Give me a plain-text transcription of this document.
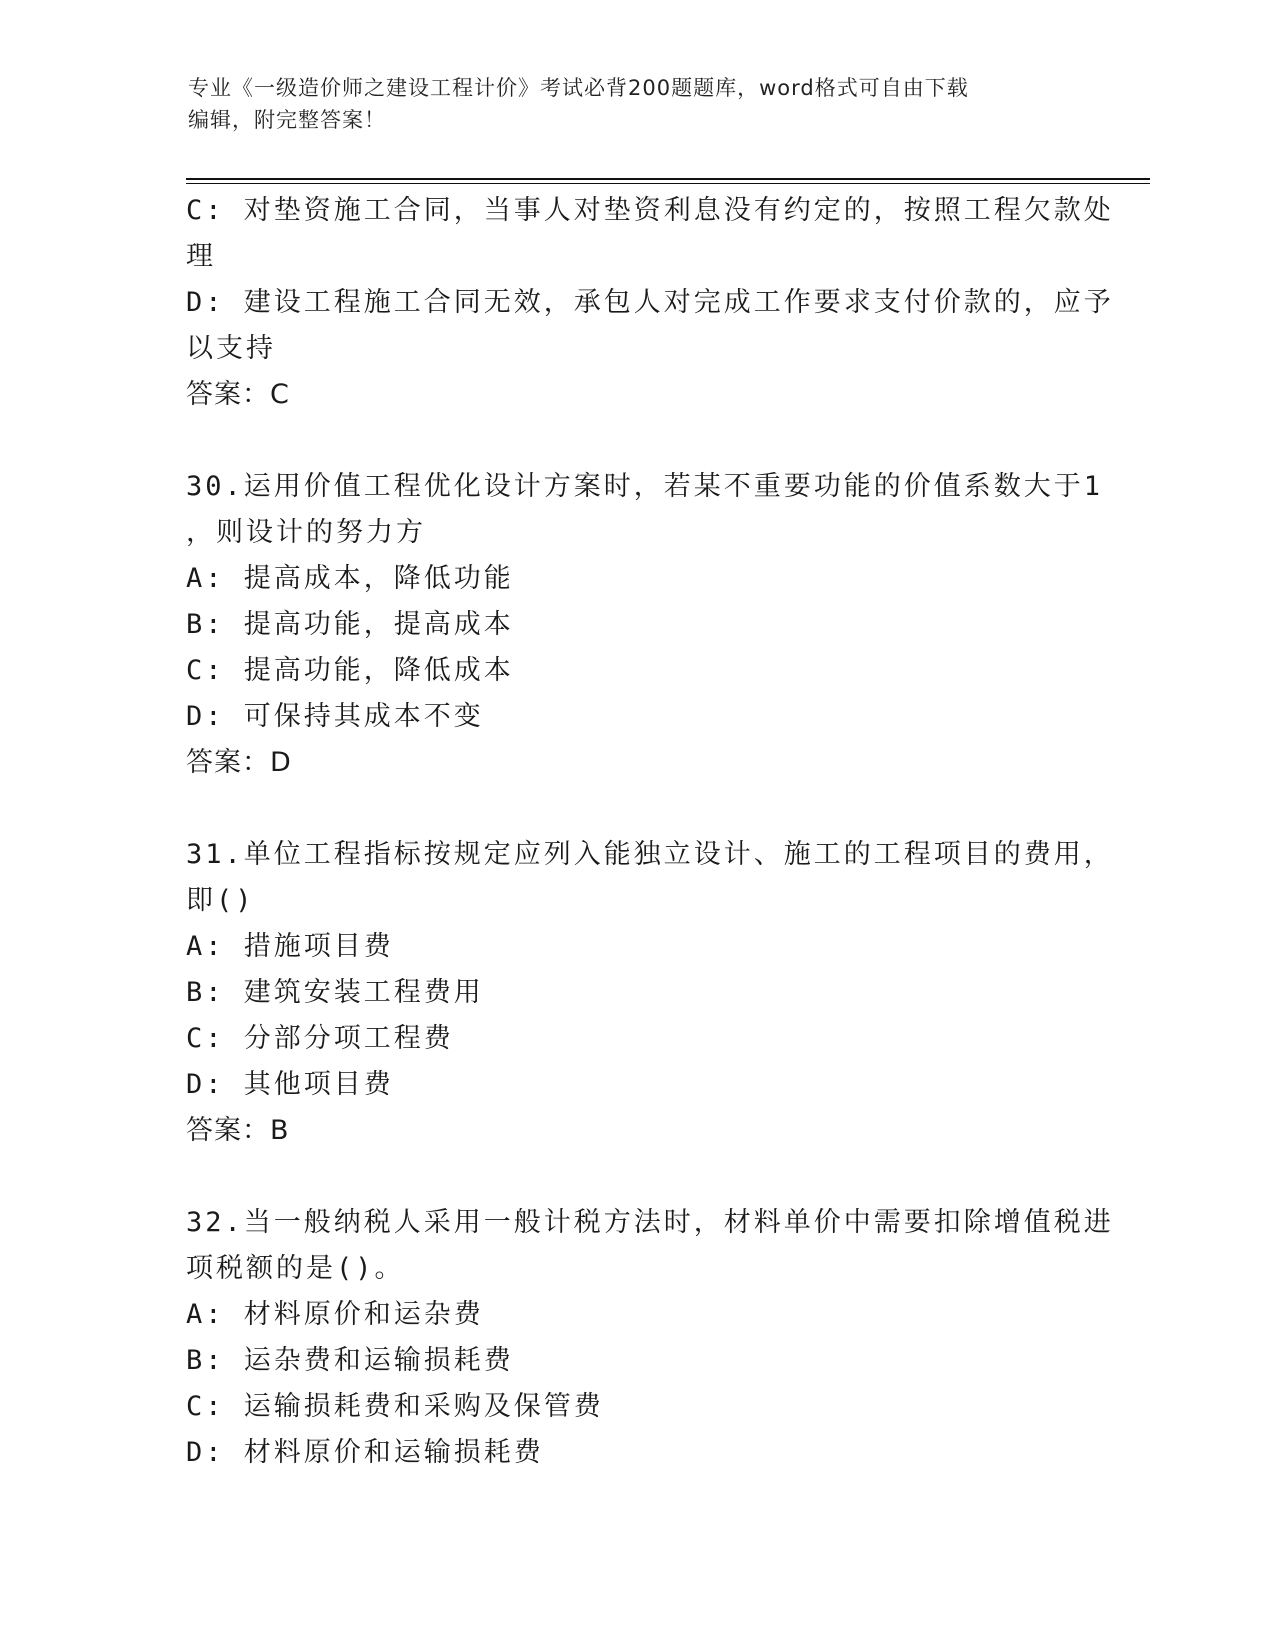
专业《一级造价师之建设工程计价》考试必背200题题库，word格式可自由下载
编辑，附完整答案！
C: 对垫资施工合同，当事人对垫资利息没有约定的，按照工程欠款处
理
D: 建设工程施工合同无效，承包人对完成工作要求支付价款的，应予
以支持
答案：C
30.运用价值工程优化设计方案时，若某不重要功能的价值系数大于1
，则设计的努力方
A: 提高成本，降低功能
B: 提高功能，提高成本
C: 提高功能，降低成本
D: 可保持其成本不变
答案：D
31.单位工程指标按规定应列入能独立设计、施工的工程项目的费用，
即()
A: 措施项目费
B: 建筑安装工程费用
C: 分部分项工程费
D: 其他项目费
答案：B
32.当一般纳税人采用一般计税方法时，材料单价中需要扣除增值税进
项税额的是()。
A: 材料原价和运杂费
B: 运杂费和运输损耗费
C: 运输损耗费和采购及保管费
D: 材料原价和运输损耗费
